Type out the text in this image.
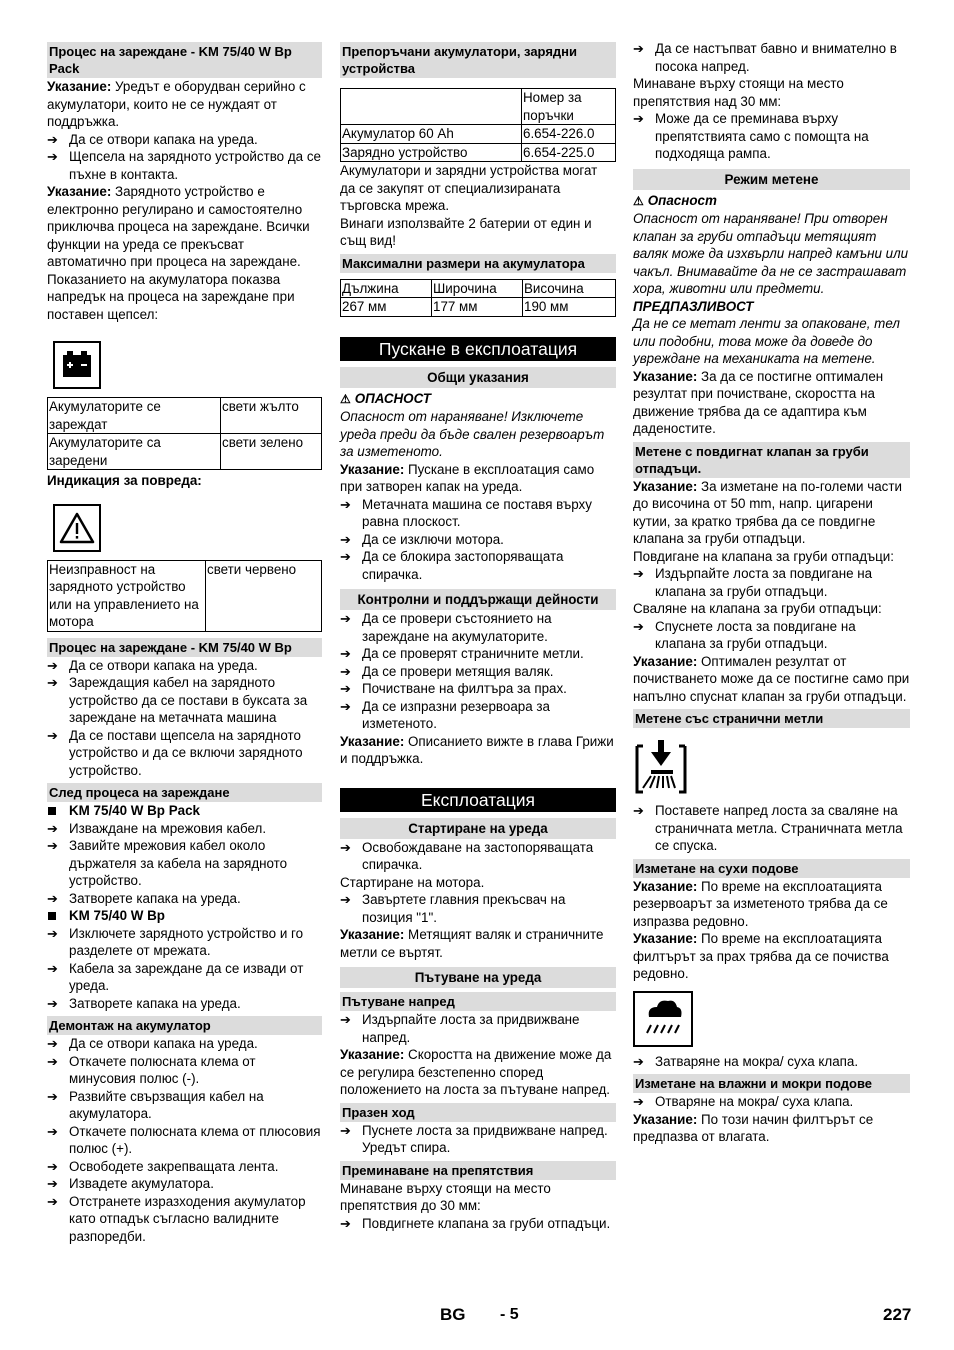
Процес на зареждане - KM 75/40 W Bp Pack

Указание: Уредът е оборудван серийно с акумулатори, които не се нуждаят от поддръжка.

➔ Да се отвори капака на уреда.

➔ Щепсела на зарядното устройство да се пъхне в контакта.

Указание: Зарядното устройство е електронно регулирано и самостоятелно приключва процеса на зареждане. Всички функции на уреда се прекъсват автоматично при процеса на зареждане. Показанието на акумулатора показва напредък на процеса на зареждане при поставен щепсел:

Акумулаторите се зареждат	свети жълто
Акумулаторите са заредени	свети зелено

Индикация за повреда:

Неизправност на зарядното устройство или на управлението на мотора	свети червено
Процес на зареждане - KM 75/40 W Bp

➔ Да се отвори капака на уреда.

➔ Зареждащия кабел на зарядното устройство да се постави в буксата за зареждане на метачната машина

➔ Да се постави щепсела на зарядното устройство и да се включи зарядното устройство.

След процеса на зареждане

KM 75/40 W Bp Pack

➔ Изваждане на мрежовия кабел.

➔ Завийте мрежовия кабел около държателя за кабела на зарядното устройство.

➔ Затворете капака на уреда.

KM 75/40 W Bp

➔ Изключете зарядното устройство и го разделете от мрежата.

➔ Кабела за зареждане да се извади от уреда.

➔ Затворете капака на уреда.

Демонтаж на акумулатор

➔ Да се отвори капака на уреда.

➔ Откачете полюсната клема от минусовия полюс (-).

➔ Развийте свързващия кабел на акумулатора.

➔ Откачете полюсната клема от плюсовия полюс (+).

➔ Освободете закрепващата лента.

➔ Извадете акумулатора.

➔ Отстранете изразходения акумулатор като отпадък съгласно валидните разпоредби.

Препоръчани акумулатори, зарядни устройства
	Номер за поръчки
Акумулатор 60 Ah	6.654-226.0
Зарядно устройство	6.654-225.0

Акумулатори и зарядни устройства могат да се закупят от специализираната търговска мрежа.

Винаги използвайте 2 батерии от един и същ вид!

Максимални размери на акумулатора
Дължина	Широчина	Височина
267 мм	177 мм	190 мм
Пускане в експлоатация
Общи указания

⚠ ОПАСНОСТ

Опасност от нараняване! Изключете уреда преди да бъде свален резервоарът за изметеното.

Указание: Пускане в експлоатация само при затворен капак на уреда.

➔ Метачната машина се поставя върху равна плоскост.

➔ Да се изключи мотора.

➔ Да се блокира застопоряващата спирачка.

Контролни и поддържащи дейности

➔ Да се провери състоянието на зареждане на акумулаторите.

➔ Да се проверят страничните метли.

➔ Да се провери метящия валяк.

➔ Почистване на филтъра за прах.

➔ Да се изпразни резервоара за изметеното.

Указание: Описанието вижте в глава Грижи и поддръжка.

Експлоатация
Стартиране на уреда

➔ Освобождаване на застопоряващата спирачка.

Стартиране на мотора.

➔ Завъртете главния прекъсвач на позиция "1".

Указание: Метящият валяк и страничните метли се въртят.

Пътуване на уреда
Пътуване напред

➔ Издърпайте лоста за придвижване напред.

Указание: Скоростта на движение може да се регулира безстепенно според положението на лоста за пътуване напред.

Празен ход

➔ Пуснете лоста за придвижване напред. Уредът спира.

Преминаване на препятствия

Минаване върху стоящи на место препятствия до 30 мм:

➔ Повдигнете клапана за груби отпадъци.

➔ Да се настъпват бавно и внимателно в посока напред.

Минаване върху стоящи на место препятствия над 30 мм:

➔ Може да се преминава върху препятствията само с помощта на подходяща рампа.

Режим метене

⚠ Опасност

Опасност от нараняване! При отворен клапан за груби отпадъци метящият валяк може да изхвърли напред камъни или чакъл. Внимавайте да не се застрашават хора, животни или предмети.

ПРЕДПАЗЛИВОСТ

Да не се метат ленти за опаковане, тел или подобни, това може да доведе до увреждане на механиката на метене.

Указание: За да се постигне оптимален резултат при почистване, скоростта на движение трябва да се адаптира към даденостите.

Метене с повдигнат клапан за груби отпадъци.

Указание: За изметане на по-големи части до височина от 50 mm, напр. цигарени кутии, за кратко трябва да се повдигне клапана за груби отпадъци.

Повдигане на клапана за груби отпадъци:

➔ Издърпайте лоста за повдигане на клапана за груби отпадъци.

Сваляне на клапана за груби отпадъци:

➔ Спуснете лоста за повдигане на клапана за груби отпадъци.

Указание: Оптимален резултат от почистването може да се постигне само при напълно спуснат клапан за груби отпадъци.

Метене със странични метли

➔ Поставете напред лоста за сваляне на страничната метла. Страничната метла се спуска.

Изметане на сухи подове

Указание: По време на експлоатацията резервоарът за изметеното трябва да се изпразва редовно.

Указание: По време на експлоатацията филтърът за прах трябва да се почиства редовно.

➔ Затваряне на мокра/ суха клапа.

Изметане на влажни и мокри подове

➔ Отваряне на мокра/ суха клапа.

Указание: По този начин филтърът се предпазва от влагата.

BG - 5	227
